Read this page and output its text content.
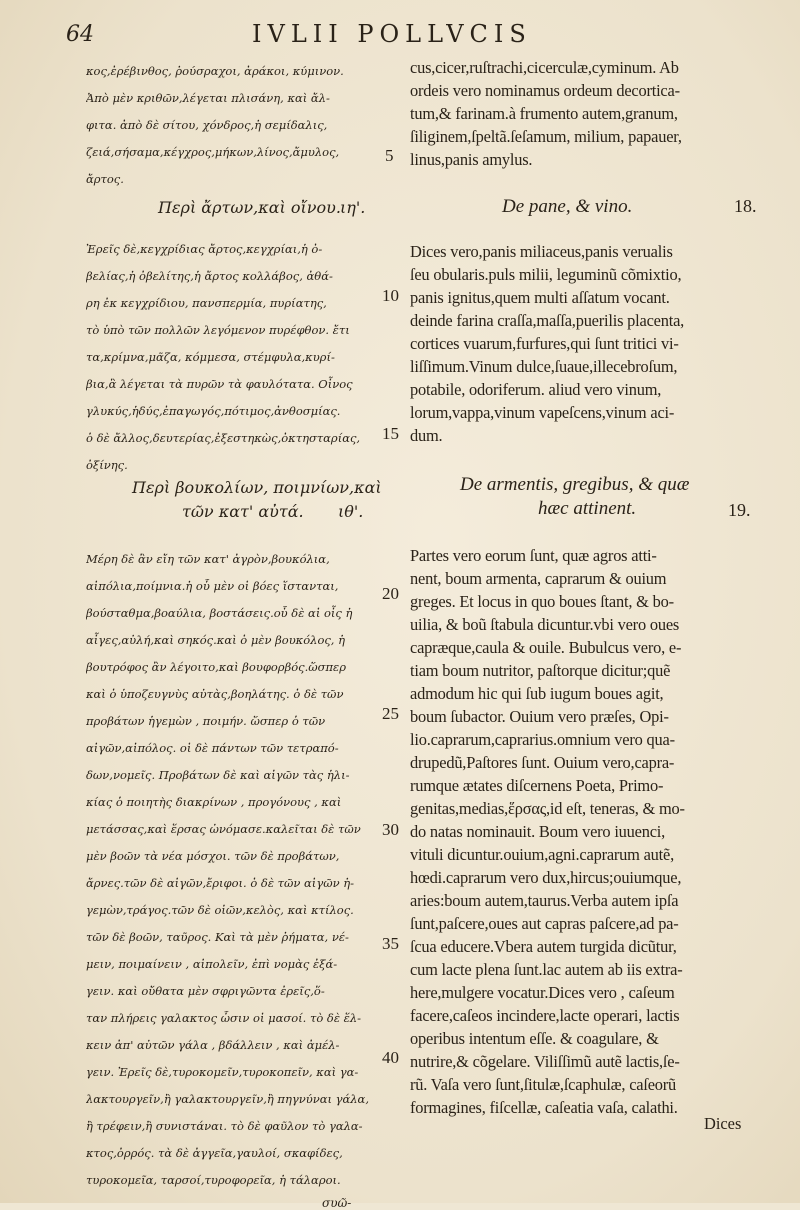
64	IVLII POLLVCIS
κος,ἐρέβινθος, ῥούσραχοι, ἀράκοι, κύμινον.
Ἀπὸ μὲν κριθῶν,λέγεται πλισάνη, καὶ ἄλ-
φιτα. ἀπὸ δὲ σίτου, χόνδρος,ἡ σεμίδαλις,
ζειά,σήσαμα,κέγχρος,μήκων,λίνος,ἄμυλος,
ἄρτος.
cus,cicer,ruſtrachi,cicerculæ,cyminum. Ab
ordeis vero nominamus ordeum decortica-
tum,& farinam.à frumento autem,granum,
ſiliginem,ſpeltã.ſeſamum, milium, papauer,
linus,panis amylus.
Περὶ ἄρτων,καὶ οἴνου. ιη'.	De pane, & vino.	18.
Ἐρεῖς δὲ,κεγχρίδιας ἄρτος,κεγχρίαι,ἡ ὀ-
βελίας,ἡ ὀβελίτης,ἡ ἄρτος κολλάβος, ἀθά-
ρη ἐκ κεγχρίδιου, πανσπερμία, πυρίατης,
τὸ ὑπὸ τῶν πολλῶν λεγόμενον πυρέφθον. ἔτι
τα,κρίμνα,μᾶζα, κόμμεσα, στέμφυλα,κυρί-
βια,ἃ λέγεται τὰ πυρῶν τὰ φαυλότατα. Οἶνος
γλυκύς,ἡδύς,ἐπαγωγός,πότιμος,ἀνθοσμίας.
ὁ δὲ ἄλλος,δευτερίας,ἐξεστηκὼς,ὀκτησταρίας,
ὀξίνης.
Dices vero,panis miliaceus,panis verualis
ſeu obularis.puls milii, leguminũ cõmixtio,
panis ignitus,quem multi aſſatum vocant.
deinde farina craſſa,maſſa,puerilis placenta,
cortices vuarum,furfures,qui ſunt tritici vi-
liſſimum.Vinum dulce,ſuaue,illecebroſum,
potabile, odoriferum. aliud vero vinum,
lorum,vappa,vinum vapeſcens,vinum aci-
dum.
Περὶ βουκολίων, ποιμνίων,καὶ
τῶν κατ' αὐτά. ιθ'.
De armentis, gregibus, & quæ
hæc attinent.	19.
Μέρη δὲ ἂν εἴη τῶν κατ' ἀγρὸν,βουκόλια,
αἰπόλια,ποίμνια.ἡ οὗ μὲν οἱ βόες ἵστανται,
βούσταθμα,βοαύλια, βοστάσεις.οὗ δὲ αἱ οἶς ἡ
αἶγες,αὐλή,καὶ σηκός.καὶ ὁ μὲν βουκόλος, ἡ
βουτρόφος ἂν λέγοιτο,καὶ βουφορβός.ὥσπερ
καὶ ὁ ὑποζευγνὺς αὐτὰς,βοηλάτης. ὁ δὲ τῶν
προβάτων ἡγεμὼν , ποιμήν. ὥσπερ ὁ τῶν
αἰγῶν,αἰπόλος. οἱ δὲ πάντων τῶν τετραπό-
δων,νομεῖς. Προβάτων δὲ καὶ αἰγῶν τὰς ἡλι-
κίας ὁ ποιητὴς διακρίνων , προγόνους , καὶ
μετάσσας,καὶ ἕρσας ὠνόμασε.καλεῖται δὲ τῶν
μὲν βοῶν τὰ νέα μόσχοι. τῶν δὲ προβάτων,
ἄρνες.τῶν δὲ αἰγῶν,ἔριφοι. ὁ δὲ τῶν αἰγῶν ἡ-
γεμὼν,τράγος.τῶν δὲ οἰῶν,κελὸς, καὶ κτίλος.
τῶν δὲ βοῶν, ταῦρος. Καὶ τὰ μὲν ῥήματα, νέ-
μειν, ποιμαίνειν , αἰπολεῖν, ἐπὶ νομὰς ἐξά-
γειν. καὶ οὔθατα μὲν σφριγῶντα ἐρεῖς,ὅ-
ταν πλήρεις γαλακτος ὦσιν οἱ μασοί. τὸ δὲ ἕλ-
κειν ἀπ' αὐτῶν γάλα , βδάλλειν , καὶ ἀμέλ-
γειν. Ἐρεῖς δὲ,τυροκομεῖν,τυροκοπεῖν, καὶ γα-
λακτουργεῖν,ἢ γαλακτουργεῖν,ἢ πηγνύναι γάλα,
ἢ τρέφειν,ἢ συνιστάναι. τὸ δὲ φαῦλον τὸ γαλα-
κτος,ὀρρός. τὰ δὲ ἀγγεῖα,γαυλοί, σκαφίδες,
τυροκομεῖα, ταρσοί,τυροφορεῖα, ἡ τάλαροι.
συῶ-
Partes vero eorum ſunt, quæ agros atti-
nent, boum armenta, caprarum & ouium
greges. Et locus in quo boues ſtant, & bo-
uilia, & boũ ſtabula dicuntur.vbi vero oues
capræque,caula & ouile. Bubulcus vero, e-
tiam boum nutritor, paſtorque dicitur;quẽ
admodum hic qui ſub iugum boues agit,
boum ſubactor. Ouium vero præſes, Opi-
lio.caprarum,caprarius.omnium vero qua-
drupedũ,Paſtores ſunt. Ouium vero,capra-
rumque ætates diſcernens Poeta, Primo-
genitas,medias,ἕρσας,id eſt, teneras, & mo-
do natas nominauit. Boum vero iuuenci,
vituli dicuntur.ouium,agni.caprarum autẽ,
hœdi.caprarum vero dux,hircus;ouiumque,
aries:boum autem,taurus.Verba autem ipſa
ſunt,paſcere,oues aut capras paſcere,ad pa-
ſcua educere.Vbera autem turgida dicũtur,
cum lacte plena ſunt.lac autem ab iis extra-
here,mulgere vocatur.Dices vero , caſeum
facere,caſeos incindere,lacte operari, lactis
operibus intentum eſſe. & coagulare, &
nutrire,& cõgelare. Viliſſimũ autẽ lactis,ſe-
rũ. Vaſa vero ſunt,ſitulæ,ſcaphulæ, caſeorũ
formagines, fiſcellæ, caſeatia vaſa, calathi.
Dices
5
10
15
20
25
30
35
40
